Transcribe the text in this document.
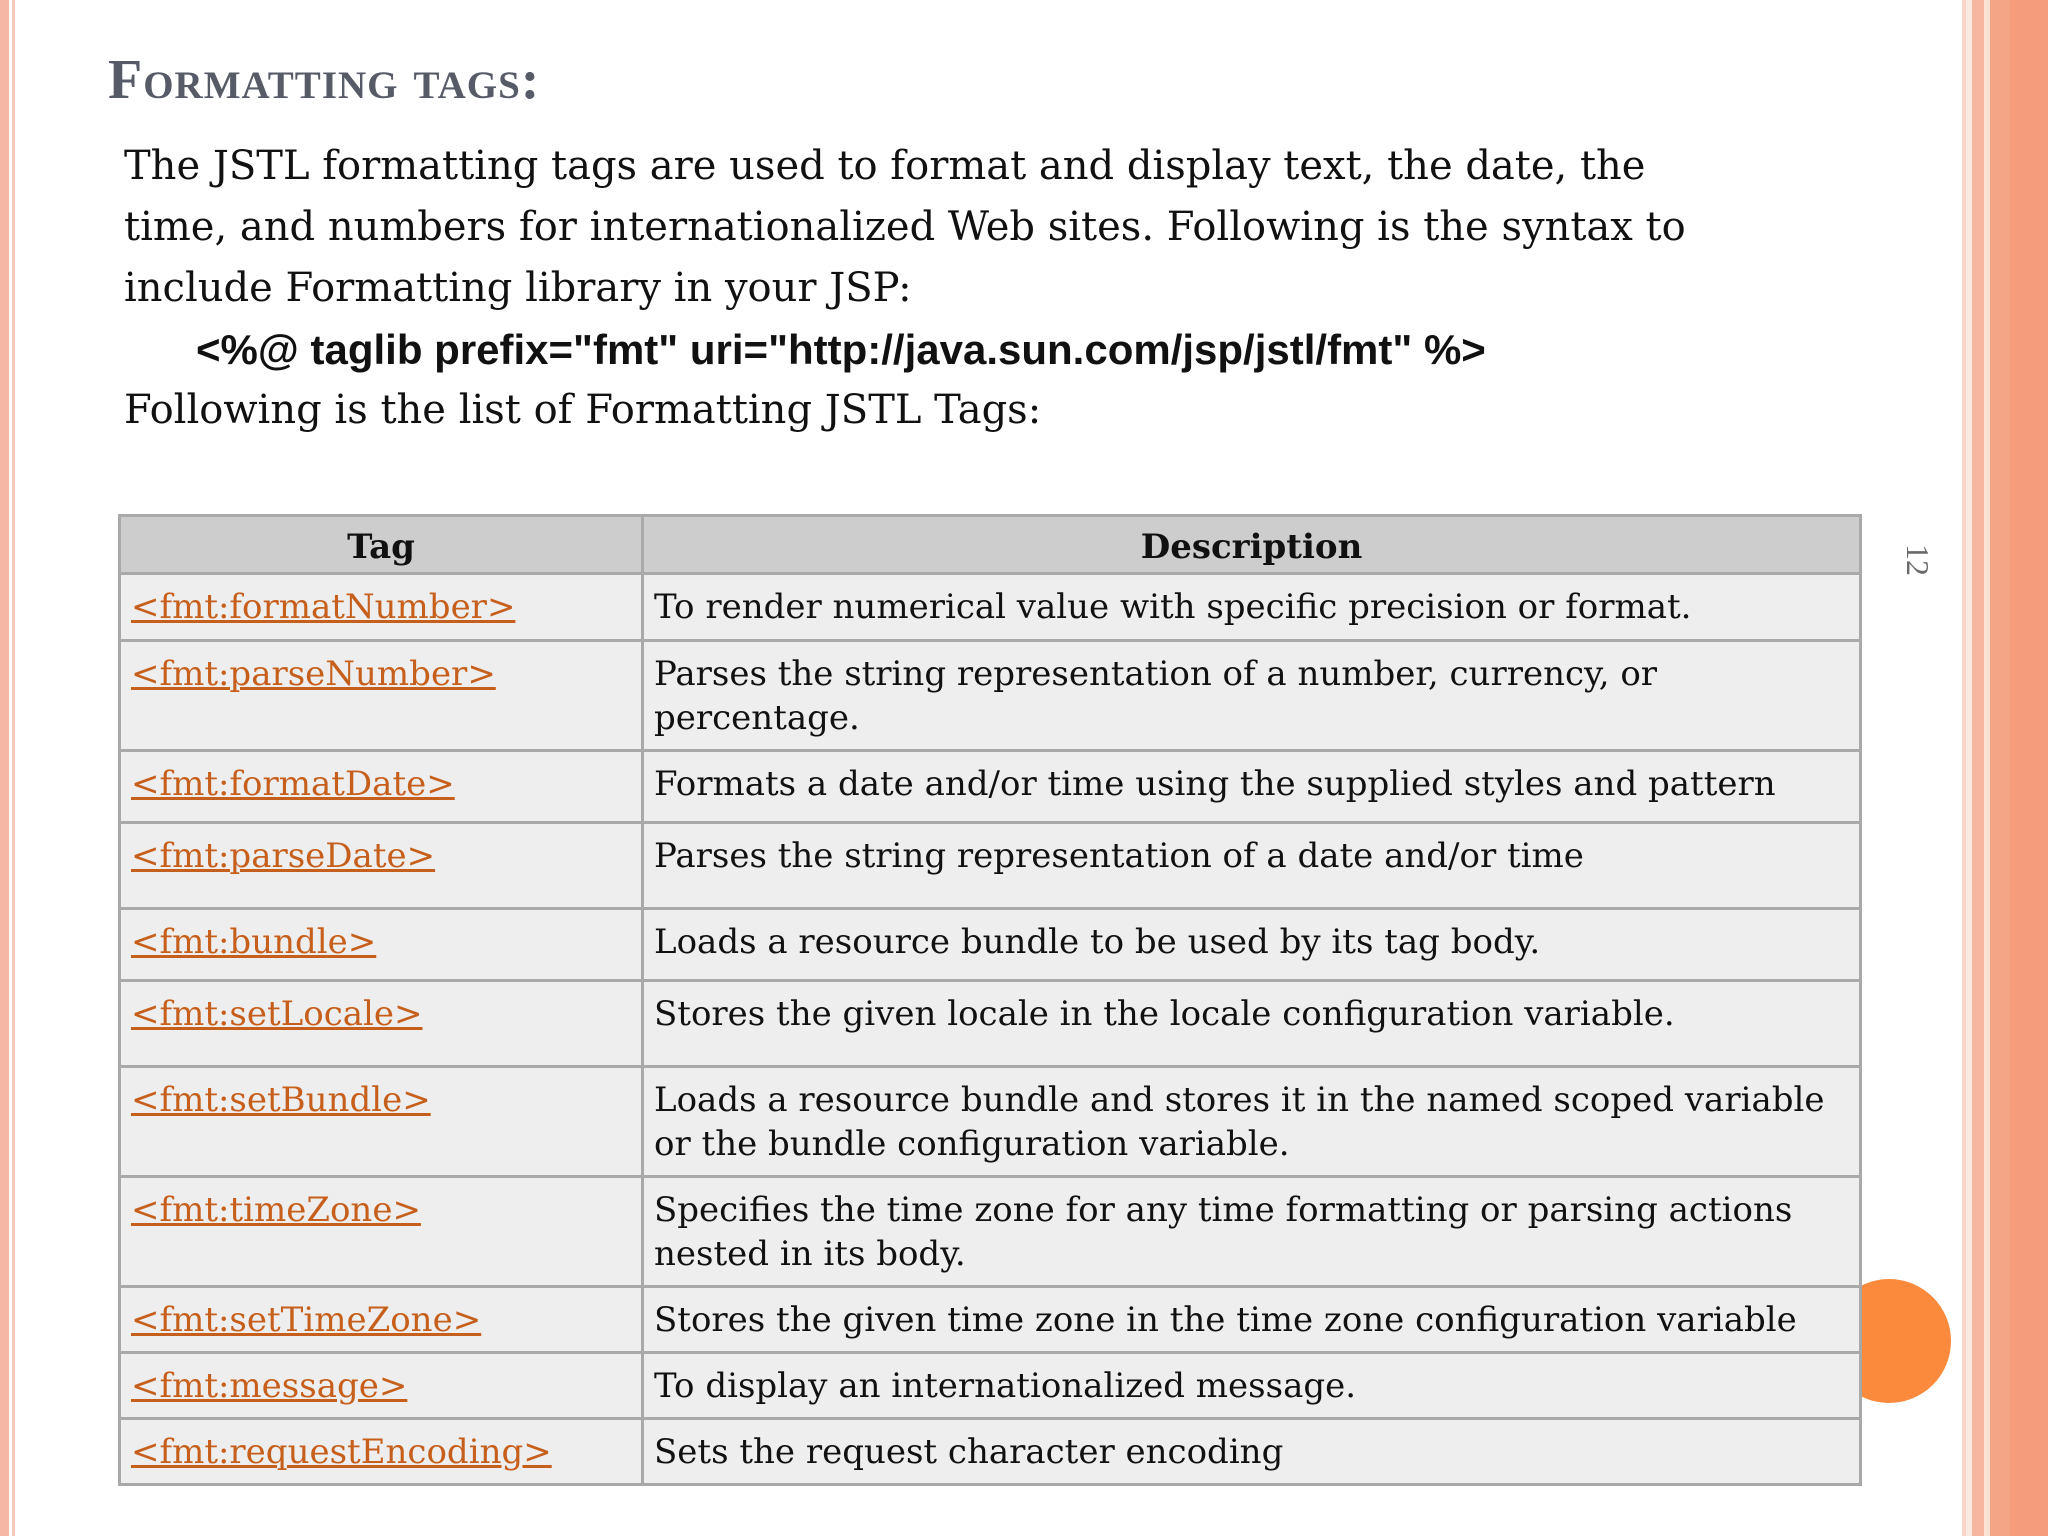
Formatting tags:

The JSTL formatting tags are used to format and display text, the date, the

time, and numbers for internationalized Web sites. Following is the syntax to

include Formatting library in your JSP:

<%@ taglib prefix="fmt" uri="http://java.sun.com/jsp/jstl/fmt" %>

Following is the list of Formatting JSTL Tags:

12
Tag	Description
<fmt:formatNumber>	To render numerical value with specific precision or format.
<fmt:parseNumber>	Parses the string representation of a number, currency, or percentage.
<fmt:formatDate>	Formats a date and/or time using the supplied styles and pattern
<fmt:parseDate>	Parses the string representation of a date and/or time
<fmt:bundle>	Loads a resource bundle to be used by its tag body.
<fmt:setLocale>	Stores the given locale in the locale configuration variable.
<fmt:setBundle>	Loads a resource bundle and stores it in the named scoped variable or the bundle configuration variable.
<fmt:timeZone>	Specifies the time zone for any time formatting or parsing actions nested in its body.
<fmt:setTimeZone>	Stores the given time zone in the time zone configuration variable
<fmt:message>	To display an internationalized message.
<fmt:requestEncoding>	Sets the request character encoding
